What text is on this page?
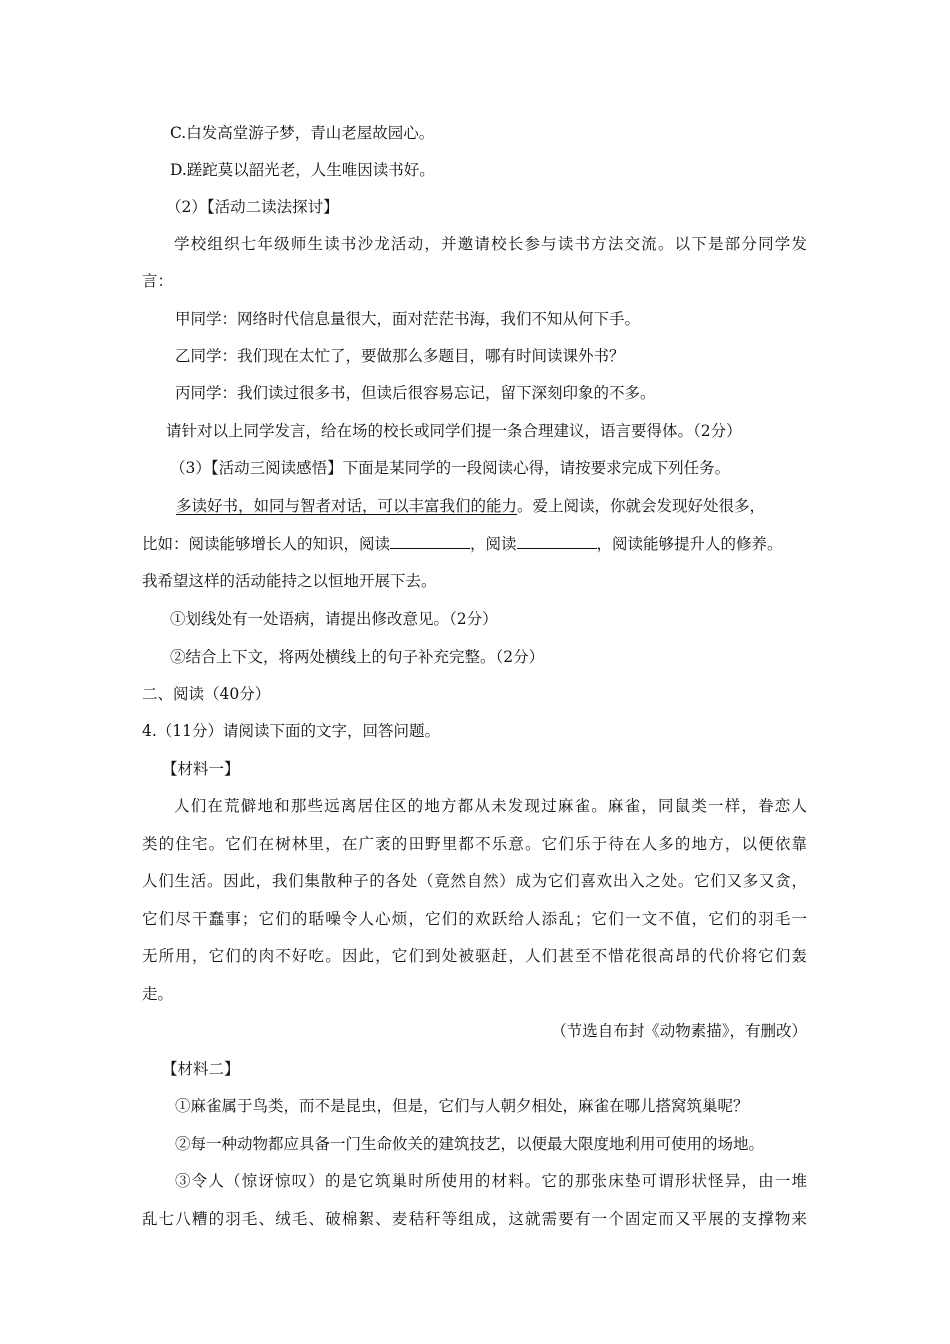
C.白发高堂游子梦，青山老屋故园心。
D.蹉跎莫以韶光老，人生唯因读书好。
（2）【活动二读法探讨】
学校组织七年级师生读书沙龙活动，并邀请校长参与读书方法交流。以下是部分同学发
言：
甲同学：网络时代信息量很大，面对茫茫书海，我们不知从何下手。
乙同学：我们现在太忙了，要做那么多题目，哪有时间读课外书？
丙同学：我们读过很多书，但读后很容易忘记，留下深刻印象的不多。
请针对以上同学发言，给在场的校长或同学们提一条合理建议，语言要得体。（2分）
（3）【活动三阅读感悟】下面是某同学的一段阅读心得，请按要求完成下列任务。
多读好书，如同与智者对话，可以丰富我们的能力。爱上阅读，你就会发现好处很多，
比如：阅读能够增长人的知识，阅读	，阅读	，阅读能够提升人的修养。
我希望这样的活动能持之以恒地开展下去。
①划线处有一处语病，请提出修改意见。（2分）
②结合上下文，将两处横线上的句子补充完整。（2分）
二、阅读（40分）
4.（11分）请阅读下面的文字，回答问题。
【材料一】
人们在荒僻地和那些远离居住区的地方都从未发现过麻雀。麻雀，同鼠类一样，眷恋人
类的住宅。它们在树林里，在广袤的田野里都不乐意。它们乐于待在人多的地方，以便依靠
人们生活。因此，我们集散种子的各处（竟然自然）成为它们喜欢出入之处。它们又多又贪，
它们尽干蠢事；它们的聒噪令人心烦，它们的欢跃给人添乱；它们一文不值，它们的羽毛一
无所用，它们的肉不好吃。因此，它们到处被驱赶，人们甚至不惜花很高昂的代价将它们轰
走。
（节选自布封《动物素描》，有删改）
【材料二】
①麻雀属于鸟类，而不是昆虫，但是，它们与人朝夕相处，麻雀在哪儿搭窝筑巢呢？
②每一种动物都应具备一门生命攸关的建筑技艺，以便最大限度地利用可使用的场地。
③令人（惊讶惊叹）的是它筑巢时所使用的材料。它的那张床垫可谓形状怪异，由一堆
乱七八糟的羽毛、绒毛、破棉絮、麦秸秆等组成，这就需要有一个固定而又平展的支撑物来
